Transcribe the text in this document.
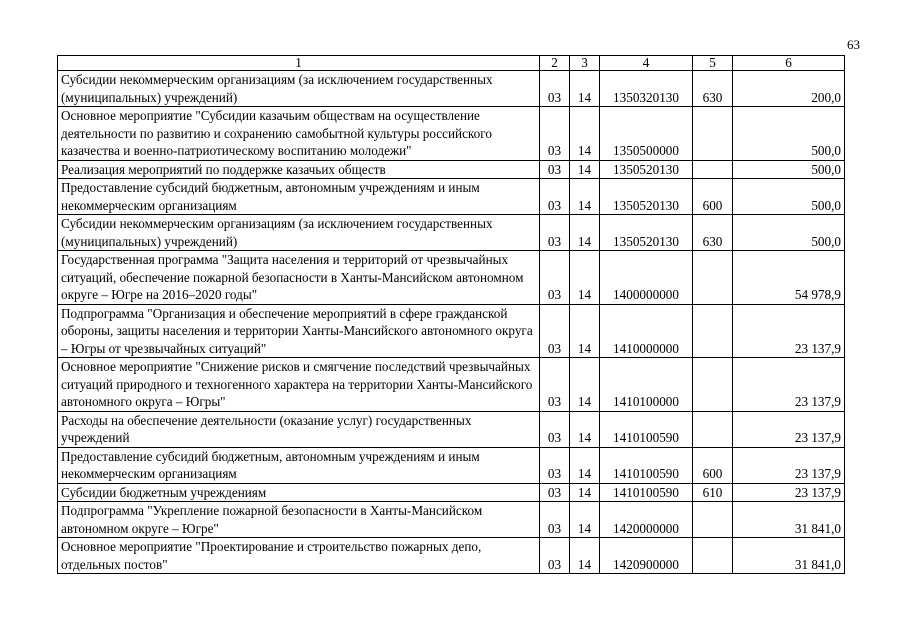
63
1	2	3	4	5	6
Субсидии некоммерческим организациям (за исключением государственных (муниципальных) учреждений)	03	14	1350320130	630	200,0
Основное мероприятие "Субсидии казачьим обществам на осуществление деятельности по развитию и сохранению самобытной культуры российского казачества и военно-патриотическому воспитанию молодежи"	03	14	1350500000		500,0
Реализация мероприятий по поддержке казачьих обществ	03	14	1350520130		500,0
Предоставление субсидий бюджетным, автономным учреждениям и иным некоммерческим организациям	03	14	1350520130	600	500,0
Субсидии некоммерческим организациям (за исключением государственных (муниципальных) учреждений)	03	14	1350520130	630	500,0
Государственная программа "Защита населения и территорий от чрезвычайных ситуаций, обеспечение пожарной безопасности в Ханты-Мансийском автономном округе – Югре на 2016–2020 годы"	03	14	1400000000		54 978,9
Подпрограмма "Организация и обеспечение мероприятий в сфере гражданской обороны, защиты населения и территории Ханты-Мансийского автономного округа – Югры от чрезвычайных ситуаций"	03	14	1410000000		23 137,9
Основное мероприятие "Снижение рисков и смягчение последствий чрезвычайных ситуаций природного и техногенного характера на территории Ханты-Мансийского автономного округа – Югры"	03	14	1410100000		23 137,9
Расходы на обеспечение деятельности (оказание услуг) государственных учреждений	03	14	1410100590		23 137,9
Предоставление субсидий бюджетным, автономным учреждениям и иным некоммерческим организациям	03	14	1410100590	600	23 137,9
Субсидии бюджетным учреждениям	03	14	1410100590	610	23 137,9
Подпрограмма "Укрепление пожарной безопасности в Ханты-Мансийском автономном округе – Югре"	03	14	1420000000		31 841,0
Основное мероприятие "Проектирование и строительство пожарных депо, отдельных постов"	03	14	1420900000		31 841,0
